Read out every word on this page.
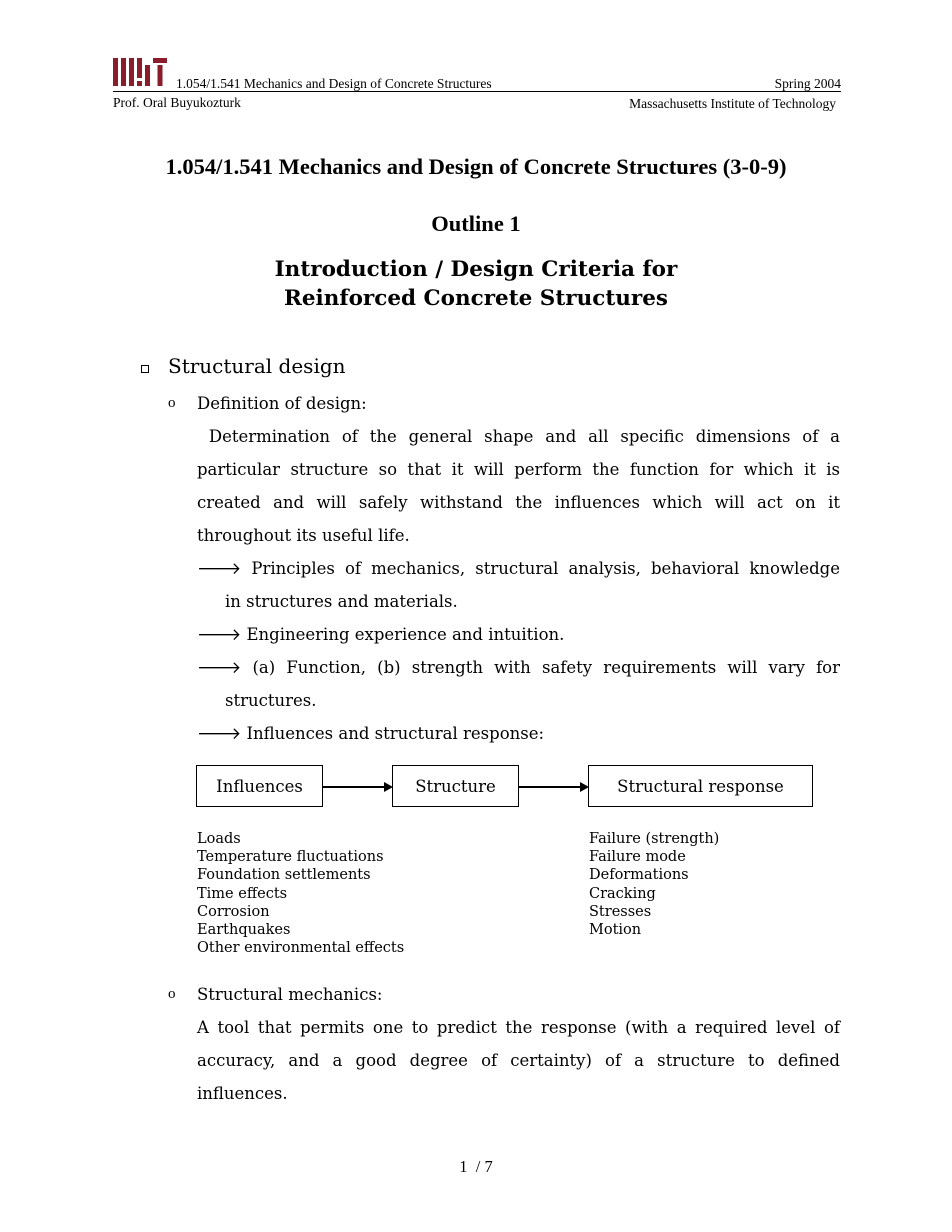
1.054/1.541 Mechanics and Design of Concrete Structures	Spring 2004
Prof. Oral Buyukozturk	Massachusetts Institute of Technology
1.054/1.541 Mechanics and Design of Concrete Structures (3-0-9)
Outline 1
Introduction / Design Criteria for
Reinforced Concrete Structures
Structural design
o Definition of design:
Determination of the general shape and all specific dimensions of a
particular structure so that it will perform the function for which it is
created and will safely withstand the influences which will act on it
throughout its useful life.
🡒 Principles of mechanics, structural analysis, behavioral knowledge
in structures and materials.
🡒 Engineering experience and intuition.
🡒 (a) Function, (b) strength with safety requirements will vary for
structures.
🡒 Influences and structural response:
Influences	Structure	Structural response
Loads
Temperature fluctuations
Foundation settlements
Time effects
Corrosion
Earthquakes
Other environmental effects
Failure (strength)
Failure mode
Deformations
Cracking
Stresses
Motion
o Structural mechanics:
A tool that permits one to predict the response (with a required level of
accuracy, and a good degree of certainty) of a structure to defined
influences.
1  / 7
